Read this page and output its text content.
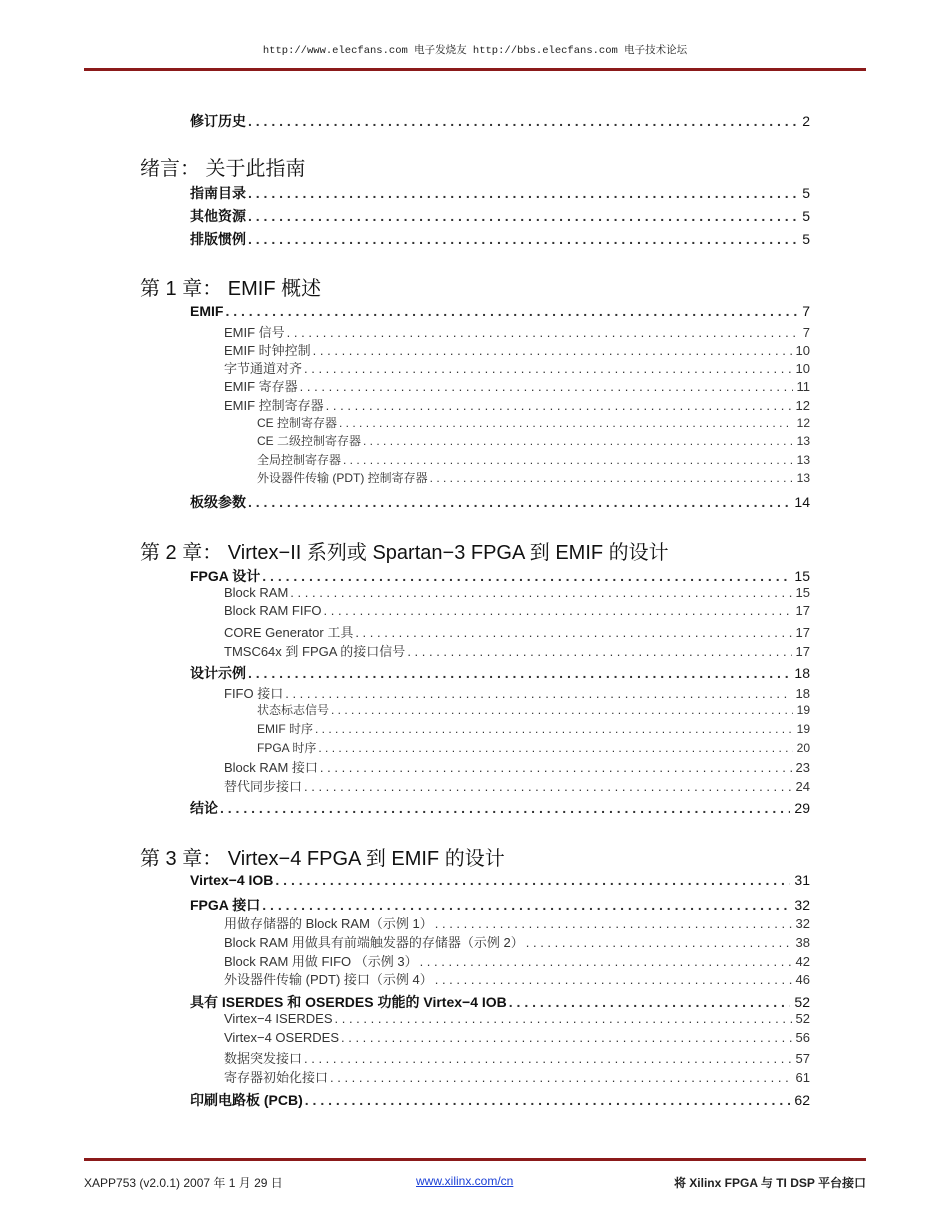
http://www.elecfans.com 电子发烧友 http://bbs.elecfans.com 电子技术论坛
修订历史 . . .	2
绪言： 关于此指南
指南目录 . . .	5
其他资源 . . .	5
排版惯例 . . .	5
第 1 章： EMIF 概述
EMIF . . .	7
EMIF 信号 . . .	7
EMIF 时钟控制 . . .	10
字节通道对齐 . . .	10
EMIF 寄存器 . . .	11
EMIF 控制寄存器 . . .	12
CE 控制寄存器 . . .	12
CE 二级控制寄存器 . . .	13
全局控制寄存器 . . .	13
外设器件传输 (PDT) 控制寄存器 . . .	13
板级参数 . . .	14
第 2 章： Virtex−II 系列或 Spartan−3 FPGA 到 EMIF 的设计
FPGA 设计 . . .	15
Block RAM . . .	15
Block RAM FIFO . . .	17
CORE Generator 工具 . . .	17
TMSC64x 到 FPGA 的接口信号 . . .	17
设计示例 . . .	18
FIFO 接口 . . .	18
状态标志信号 . . .	19
EMIF 时序 . . .	19
FPGA 时序 . . .	20
Block RAM 接口 . . .	23
替代同步接口 . . .	24
结论 . . .	29
第 3 章： Virtex−4 FPGA 到 EMIF 的设计
Virtex−4 IOB . . .	31
FPGA 接口 . . .	32
用做存储器的 Block RAM（示例 1） . . .	32
Block RAM 用做具有前端触发器的存储器（示例 2） . . .	38
Block RAM 用做 FIFO （示例 3） . . .	42
外设器件传输 (PDT) 接口（示例 4） . . .	46
具有 ISERDES 和 OSERDES 功能的 Virtex−4 IOB . . .	52
Virtex−4 ISERDES . . .	52
Virtex−4 OSERDES . . .	56
数据突发接口 . . .	57
寄存器初始化接口 . . .	61
印刷电路板 (PCB) . . .	62
XAPP753 (v2.0.1) 2007 年 1 月 29 日	www.xilinx.com/cn	将 Xilinx FPGA 与 TI DSP 平台接口
